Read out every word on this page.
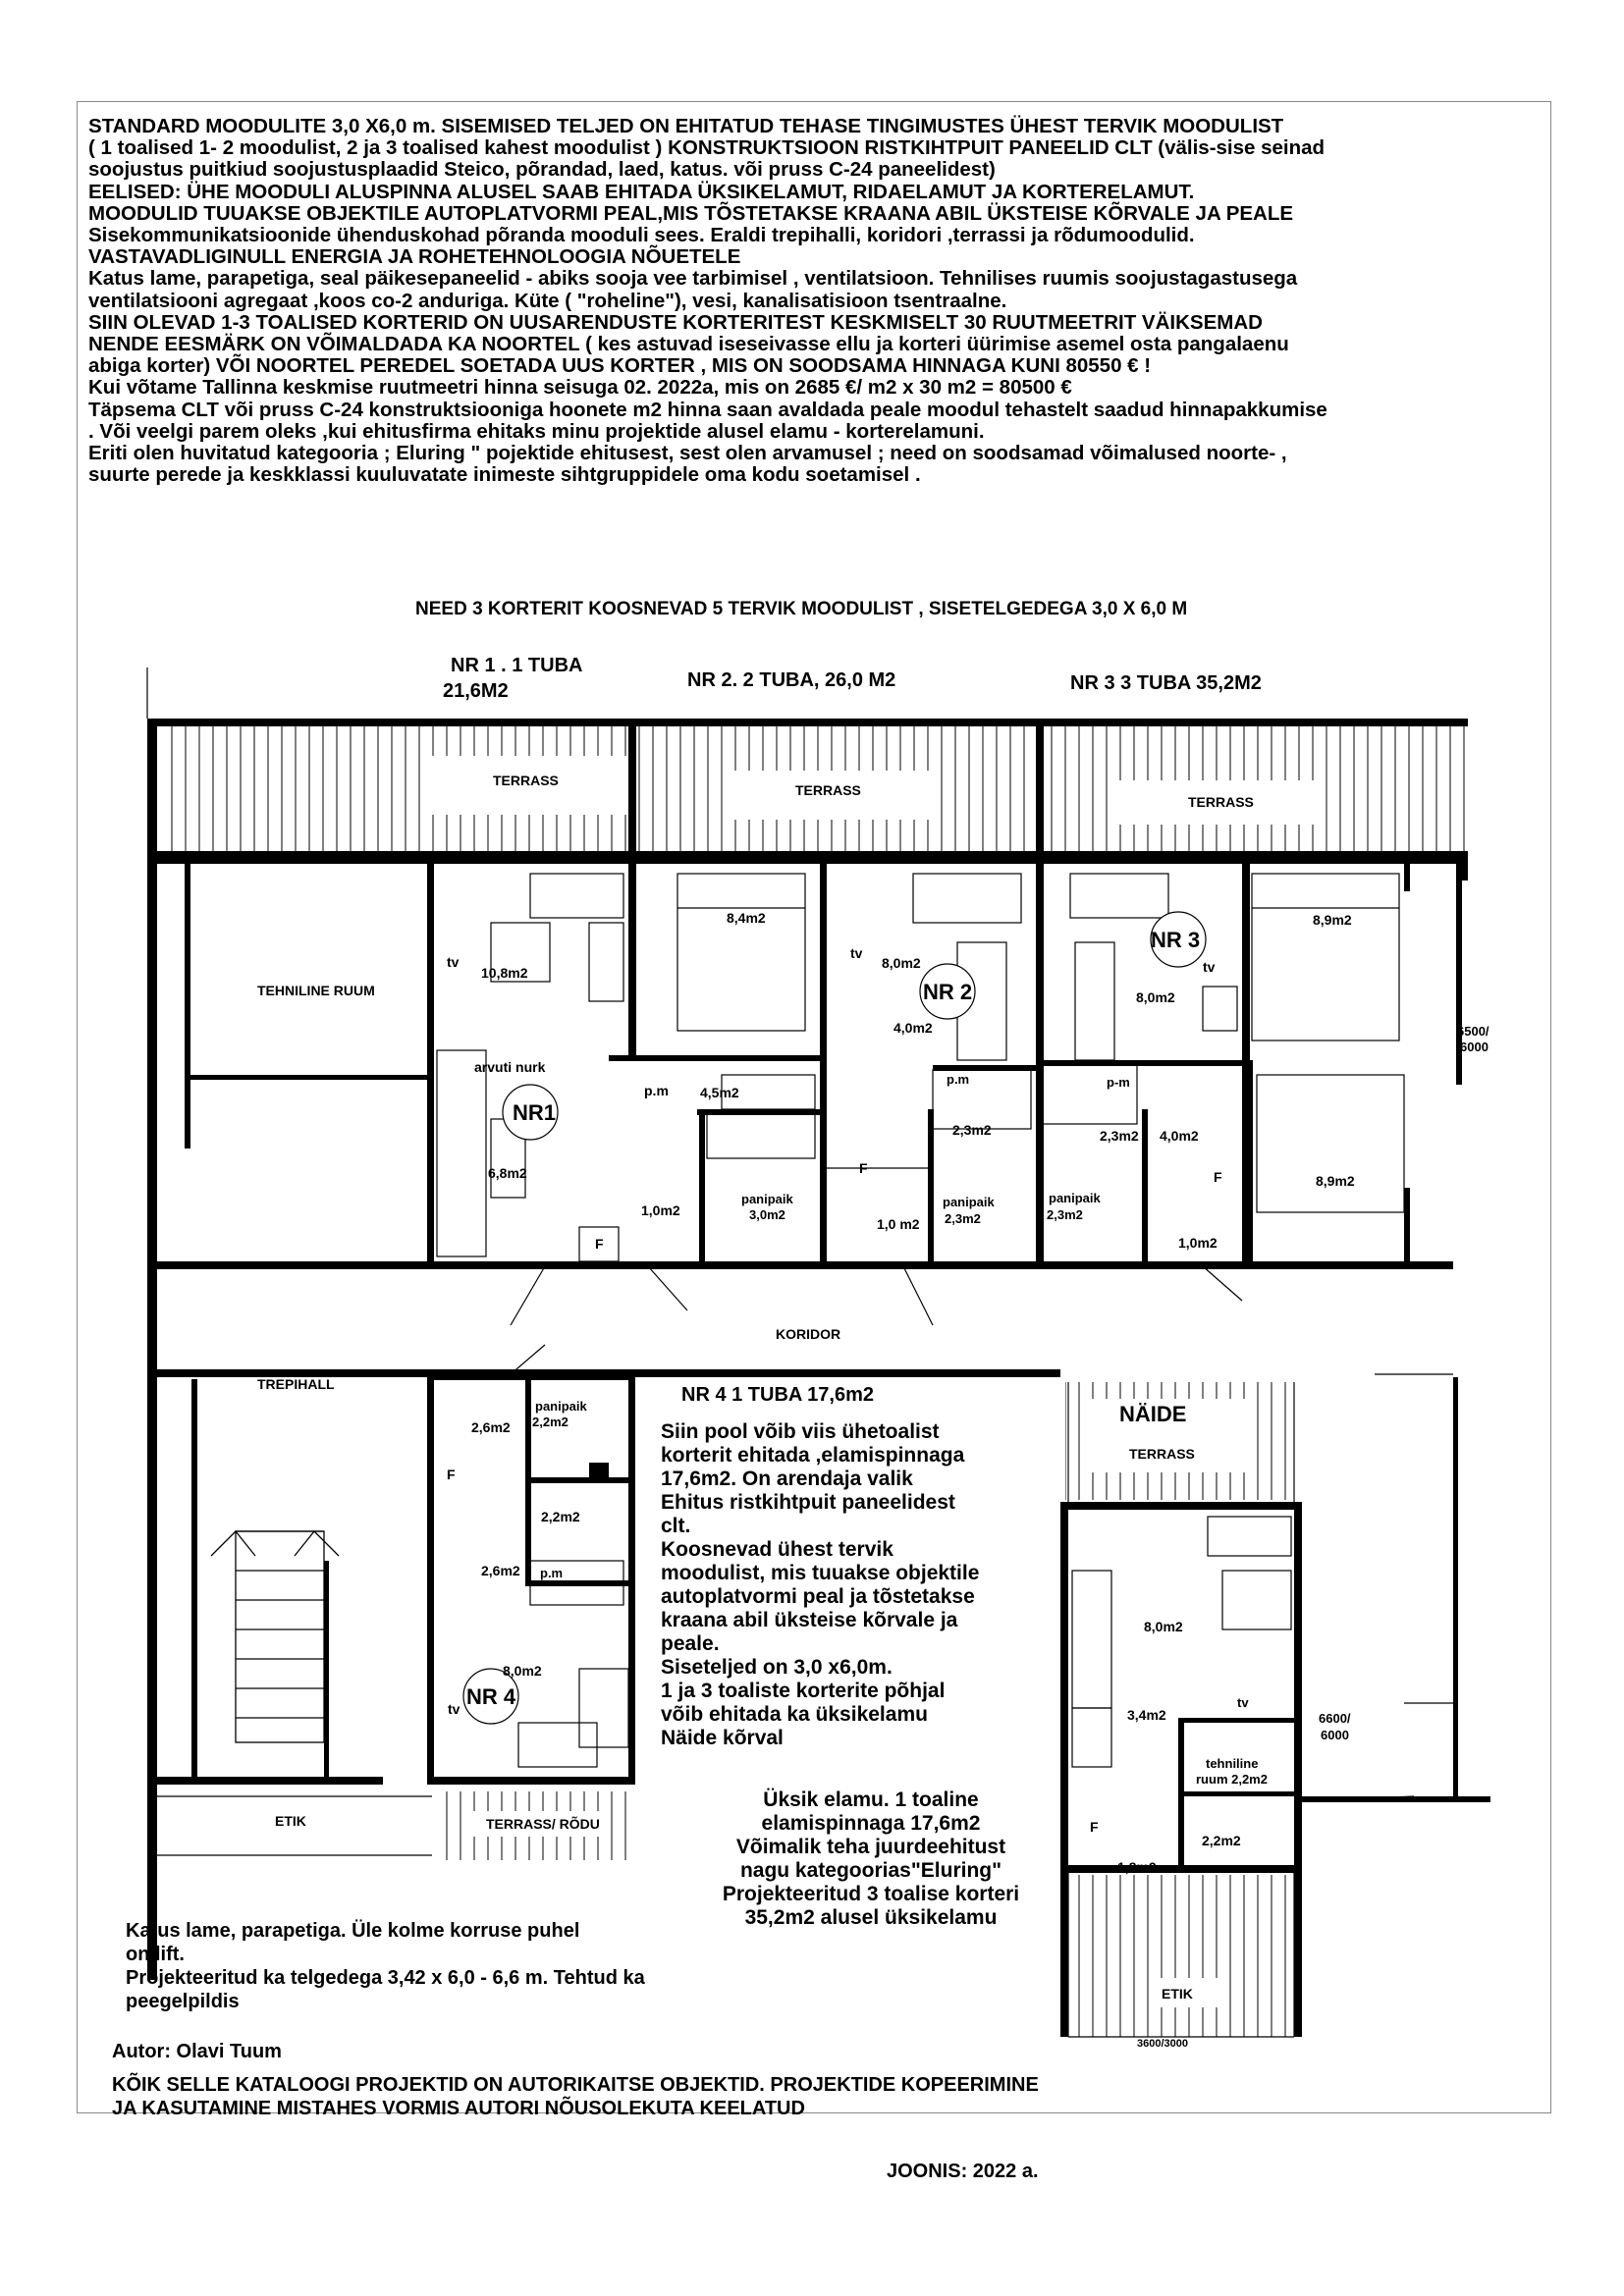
STANDARD MOODULITE 3,0 X6,0 m. SISEMISED TELJED ON EHITATUD TEHASE TINGIMUSTES ÜHEST TERVIK MOODULIST
( 1 toalised 1- 2 moodulist, 2 ja 3 toalised kahest moodulist ) KONSTRUKTSIOON RISTKIHTPUIT PANEELID CLT (välis-sise seinad
soojustus puitkiud soojustusplaadid Steico, põrandad, laed, katus. või pruss C-24 paneelidest)
EELISED: ÜHE MOODULI ALUSPINNA ALUSEL SAAB EHITADA ÜKSIKELAMUT, RIDAELAMUT JA KORTERELAMUT.
MOODULID TUUAKSE OBJEKTILE AUTOPLATVORMI PEAL,MIS TÕSTETAKSE KRAANA ABIL ÜKSTEISE KÕRVALE JA PEALE
Sisekommunikatsioonide ühenduskohad põranda mooduli sees. Eraldi trepihalli, koridori ,terrassi ja rõdumoodulid.
VASTAVADLIGINULL ENERGIA JA ROHETEHNOLOOGIA NÕUETELE
Katus lame, parapetiga, seal päikesepaneelid - abiks sooja vee tarbimisel , ventilatsioon. Tehnilises ruumis soojustagastusega
ventilatsiooni agregaat ,koos co-2 anduriga. Küte ( "roheline"), vesi, kanalisatisioon tsentraalne.
SIIN OLEVAD 1-3 TOALISED KORTERID ON UUSARENDUSTE KORTERITEST KESKMISELT 30 RUUTMEETRIT VÄIKSEMAD
NENDE EESMÄRK ON VÕIMALDADA KA NOORTEL ( kes astuvad iseseivasse ellu ja korteri üürimise asemel osta pangalaenu
abiga korter) VÕI NOORTEL PEREDEL SOETADA UUS KORTER , MIS ON SOODSAMA HINNAGA KUNI 80550 € !
Kui võtame Tallinna keskmise ruutmeetri hinna seisuga 02. 2022a, mis on 2685 €/ m2 x 30 m2 = 80500 €
Täpsema CLT või pruss C-24 konstruktsiooniga hoonete m2 hinna saan avaldada peale moodul tehastelt saadud hinnapakkumise
. Või veelgi parem oleks ,kui ehitusfirma ehitaks minu projektide alusel elamu - korterelamuni.
Eriti olen huvitatud kategooria ; Eluring " pojektide ehitusest, sest olen arvamusel ; need on soodsamad võimalused noorte- ,
suurte perede ja keskklassi kuuluvatate inimeste sihtgruppidele oma kodu soetamisel .
NEED 3 KORTERIT KOOSNEVAD 5 TERVIK MOODULIST , SISETELGEDEGA 3,0 X 6,0 M
NR 1 . 1 TUBA
21,6M2	NR 2. 2 TUBA, 26,0 M2	NR 3 3 TUBA 35,2M2
TERRASS
TERRASS
TERRASS
TEHNILINE RUUM
TREPIHALL
KORIDOR
ETIK	TERRASS/ RÕDU
NÄIDE
TERRASS
ETIK
NR1
NR 2
NR 3
NR 4
10,8m2
tv
arvuti nurk
6,8m2
1,0m2
F
p.m 4,5m2
panipaik
3,0m2
8,4m2
8,0m2
tv
4,0m2
F
1,0 m2
p.m
2,3m2
panipaik
2,3m2
8,0m2
tv
8,9m2
8,9m2
p-m
2,3m2 4,0m2
F
panipaik
2,3m2
1,0m2
6500/
6000
NR 4 1 TUBA 17,6m2
2,6m2
panipaik
2,2m2
F
2,2m2
2,6m2 p.m
8,0m2
tv
8,0m2
3,4m2
tv
tehniline
ruum 2,2m2
F
1,8m2
2,2m2
6600/
6000
3600/3000
Siin pool võib viis ühetoalist
korterit ehitada ,elamispinnaga
17,6m2. On arendaja valik
Ehitus ristkihtpuit paneelidest
clt.
Koosnevad ühest tervik
moodulist, mis tuuakse objektile
autoplatvormi peal ja tõstetakse
kraana abil üksteise kõrvale ja
peale.
Siseteljed on 3,0 x6,0m.
1 ja 3 toaliste korterite põhjal
võib ehitada ka üksikelamu
Näide kõrval
Üksik elamu. 1 toaline
elamispinnaga 17,6m2
Võimalik teha juurdeehitust
nagu kategoorias"Eluring"
Projekteeritud 3 toalise korteri
35,2m2 alusel üksikelamu
Katus lame, parapetiga. Üle kolme korruse puhel
on lift.
Projekteeritud ka telgedega 3,42 x 6,0 - 6,6 m. Tehtud ka
peegelpildis
Autor: Olavi Tuum
KÕIK SELLE KATALOOGI PROJEKTID ON AUTORIKAITSE OBJEKTID. PROJEKTIDE KOPEERIMINE
JA KASUTAMINE MISTAHES VORMIS AUTORI NÕUSOLEKUTA KEELATUD
JOONIS: 2022 a.
